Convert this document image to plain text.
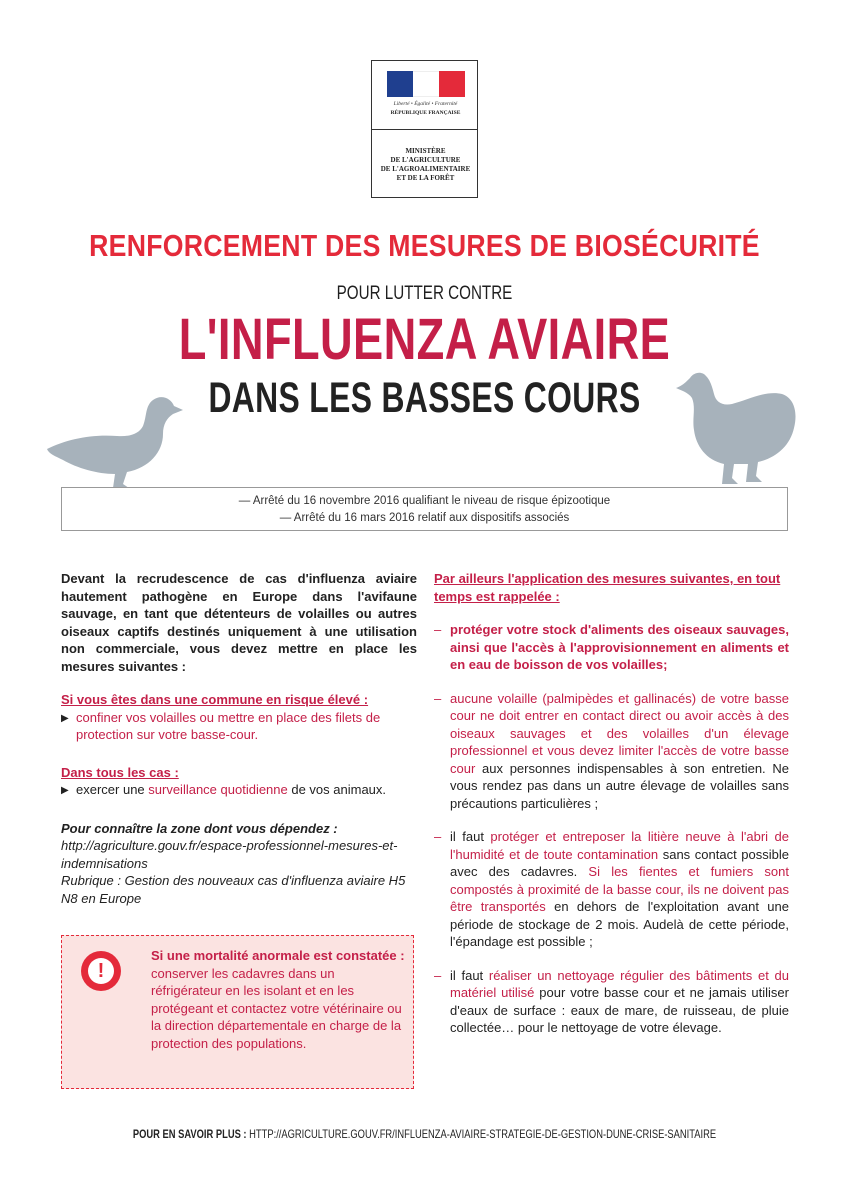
Liberté • Égalité • Fraternité
RÉPUBLIQUE FRANÇAISE
MINISTÈRE
DE L'AGRICULTURE
DE L'AGROALIMENTAIRE
ET DE LA FORÊT
RENFORCEMENT DES MESURES DE BIOSÉCURITÉ
POUR LUTTER CONTRE
L'INFLUENZA AVIAIRE
DANS LES BASSES COURS
— Arrêté du 16 novembre 2016 qualifiant le niveau de risque épizootique
— Arrêté du 16 mars 2016 relatif aux dispositifs associés

Devant la recrudescence de cas d'influenza aviaire hautement pathogène en Europe dans l'avifaune sauvage, en tant que détenteurs de volailles ou autres oiseaux captifs destinés uniquement à une utilisation non commerciale, vous devez mettre en place les mesures suivantes :

Si vous êtes dans une commune en risque élevé :

▶ confiner vos volailles ou mettre en place des filets de protection sur votre basse-cour.

Dans tous les cas :

▶ exercer une surveillance quotidienne de vos animaux.

Pour connaître la zone dont vous dépendez :

http://agriculture.gouv.fr/espace-professionnel-mesures-et-indemnisations

Rubrique : Gestion des nouveaux cas d'influenza aviaire H5 N8 en Europe

!
Si une mortalité anormale est constatée : conserver les cadavres dans un réfrigérateur en les isolant et en les protégeant et contactez votre vétérinaire ou la direction départementale en charge de la protection des populations.
Par ailleurs l'application des mesures suivantes, en tout temps est rappelée :
– protéger votre stock d'aliments des oiseaux sauvages, ainsi que l'accès à l'approvisionnement en aliments et en eau de boisson de vos volailles;
– aucune volaille (palmipèdes et gallinacés) de votre basse cour ne doit entrer en contact direct ou avoir accès à des oiseaux sauvages et des volailles d'un élevage professionnel et vous devez limiter l'accès de votre basse cour aux personnes indispensables à son entretien. Ne vous rendez pas dans un autre élevage de volailles sans précautions particulières ;
– il faut protéger et entreposer la litière neuve à l'abri de l'humidité et de toute contamination sans contact possible avec des cadavres. Si les fientes et fumiers sont compostés à proximité de la basse cour, ils ne doivent pas être transportés en dehors de l'exploitation avant une période de stockage de 2 mois. Audelà de cette période, l'épandage est possible ;
– il faut réaliser un nettoyage régulier des bâtiments et du matériel utilisé pour votre basse cour et ne jamais utiliser d'eaux de surface : eaux de mare, de ruisseau, de pluie collectée… pour le nettoyage de votre élevage.
POUR EN SAVOIR PLUS : HTTP://AGRICULTURE.GOUV.FR/INFLUENZA-AVIAIRE-STRATEGIE-DE-GESTION-DUNE-CRISE-SANITAIRE
